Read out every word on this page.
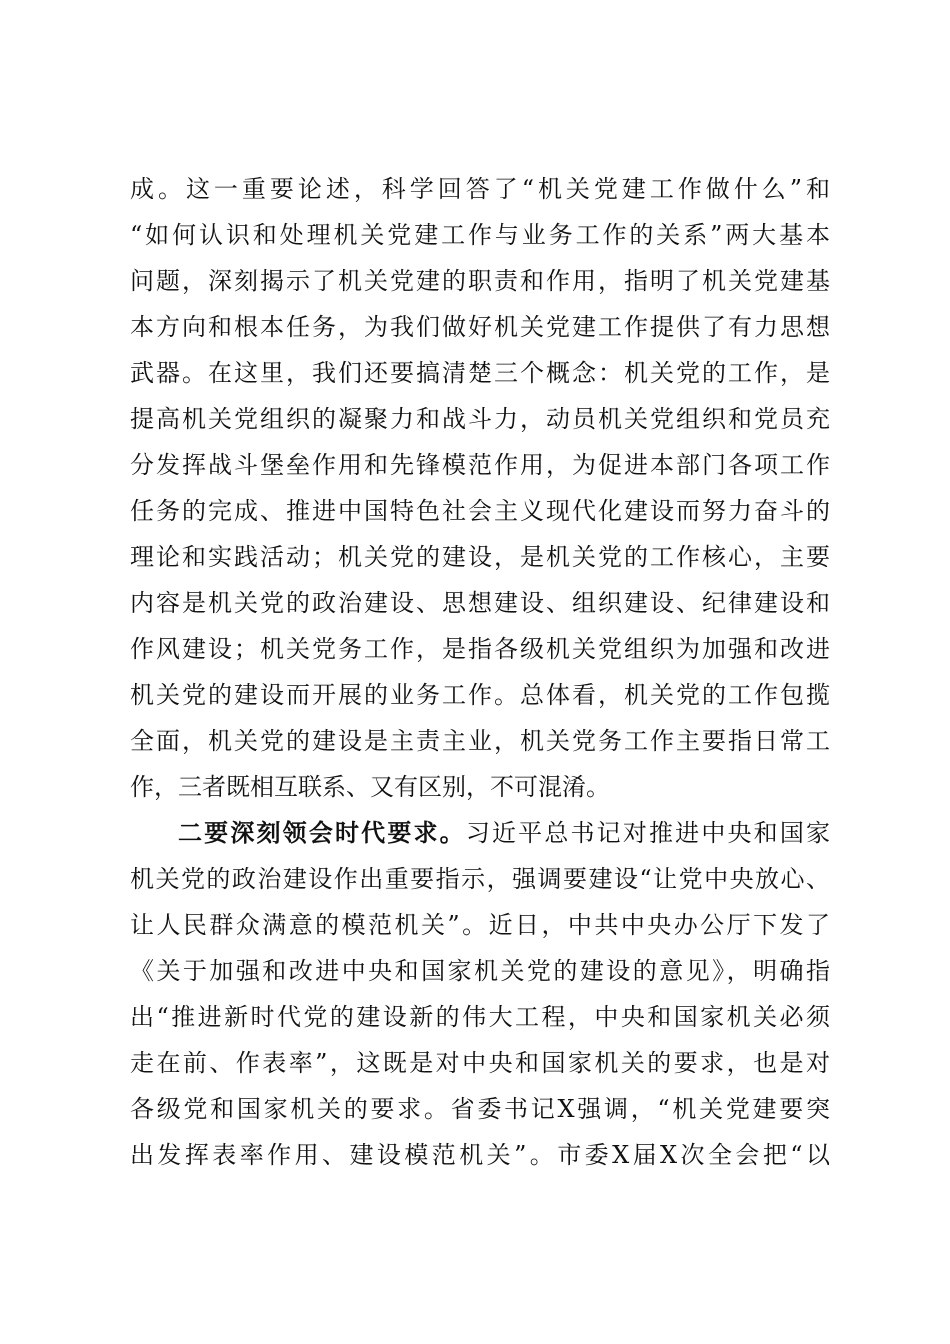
成。这一重要论述，科学回答了“机关党建工作做什么”和
“如何认识和处理机关党建工作与业务工作的关系”两大基本
问题，深刻揭示了机关党建的职责和作用，指明了机关党建基
本方向和根本任务，为我们做好机关党建工作提供了有力思想
武器。在这里，我们还要搞清楚三个概念：机关党的工作，是
提高机关党组织的凝聚力和战斗力，动员机关党组织和党员充
分发挥战斗堡垒作用和先锋模范作用，为促进本部门各项工作
任务的完成、推进中国特色社会主义现代化建设而努力奋斗的
理论和实践活动；机关党的建设，是机关党的工作核心，主要
内容是机关党的政治建设、思想建设、组织建设、纪律建设和
作风建设；机关党务工作，是指各级机关党组织为加强和改进
机关党的建设而开展的业务工作。总体看，机关党的工作包揽
全面，机关党的建设是主责主业，机关党务工作主要指日常工
作，三者既相互联系、又有区别，不可混淆。
二要深刻领会时代要求。习近平总书记对推进中央和国家
机关党的政治建设作出重要指示，强调要建设“让党中央放心、
让人民群众满意的模范机关”。近日，中共中央办公厅下发了
《关于加强和改进中央和国家机关党的建设的意见》，明确指
出“推进新时代党的建设新的伟大工程，中央和国家机关必须
走在前、作表率”，这既是对中央和国家机关的要求，也是对
各级党和国家机关的要求。省委书记X强调，“机关党建要突
出发挥表率作用、建设模范机关”。市委X届X次全会把“以
